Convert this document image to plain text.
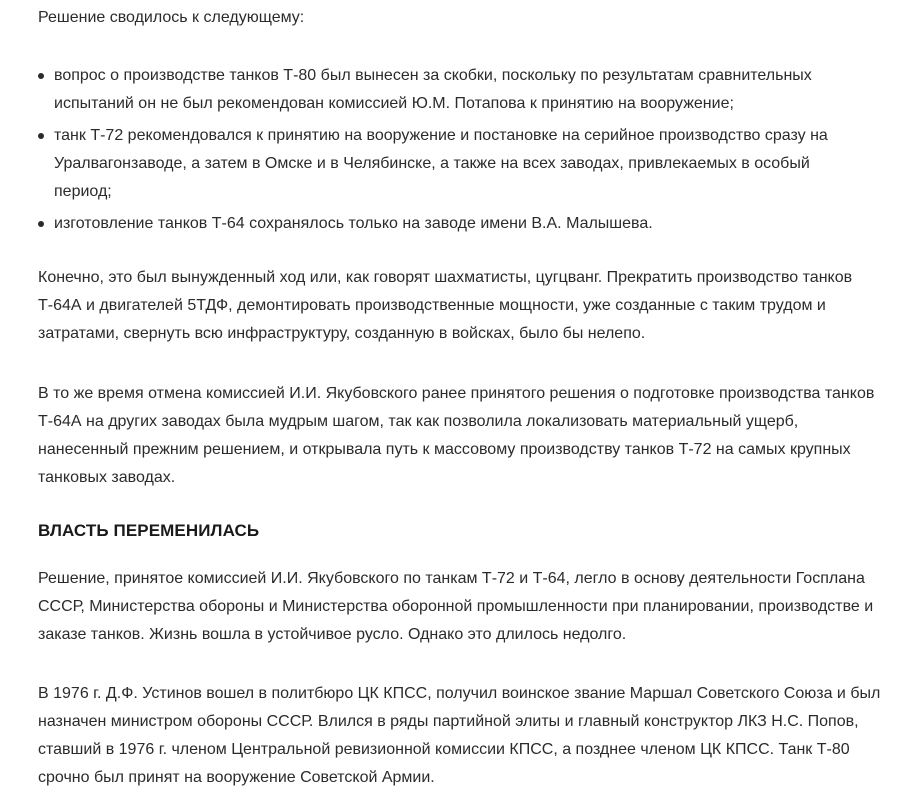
Решение сводилось к следующему:

вопрос о производстве танков Т-80 был вынесен за скобки, поскольку по результатам сравнительных испытаний он не был рекомендован комиссией Ю.М. Потапова к принятию на вооружение;
танк Т-72 рекомендовался к принятию на вооружение и постановке на серийное производство сразу на Уралвагонзаводе, а затем в Омске и в Челябинске, а также на всех заводах, привлекаемых в особый период;
изготовление танков Т-64 сохранялось только на заводе имени В.А. Малышева.

Конечно, это был вынужденный ход или, как говорят шахматисты, цугцванг. Прекратить производство танков Т-64А и двигателей 5ТДФ, демонтировать производственные мощности, уже созданные с таким трудом и затратами, свернуть всю инфраструктуру, созданную в войсках, было бы нелепо.

В то же время отмена комиссией И.И. Якубовского ранее принятого решения о подготовке производства танков Т-64А на других заводах была мудрым шагом, так как позволила локализовать материальный ущерб, нанесенный прежним решением, и открывала путь к массовому производству танков Т-72 на самых крупных танковых заводах.

ВЛАСТЬ ПЕРЕМЕНИЛАСЬ

Решение, принятое комиссией И.И. Якубовского по танкам Т-72 и Т-64, легло в основу деятельности Госплана СССР, Министерства обороны и Министерства оборонной промышленности при планировании, производстве и заказе танков. Жизнь вошла в устойчивое русло. Однако это длилось недолго.

В 1976 г. Д.Ф. Устинов вошел в политбюро ЦК КПСС, получил воинское звание Маршал Советского Союза и был назначен министром обороны СССР. Влился в ряды партийной элиты и главный конструктор ЛКЗ Н.С. Попов, ставший в 1976 г. членом Центральной ревизионной комиссии КПСС, а позднее членом ЦК КПСС. Танк Т-80 срочно был принят на вооружение Советской Армии.
